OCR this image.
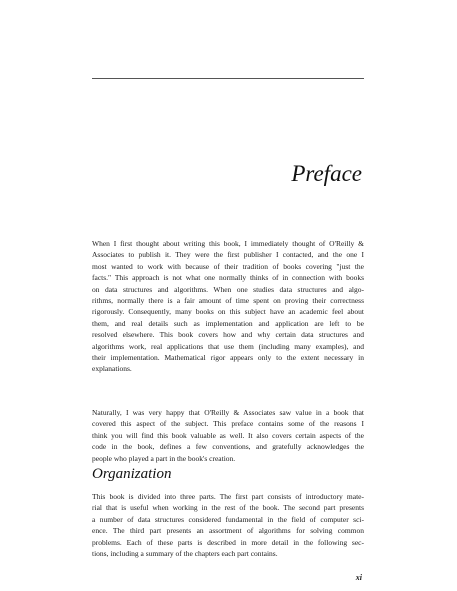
Preface

When I first thought about writing this book, I immediately thought of O'Reilly &
Associates to publish it. They were the first publisher I contacted, and the one I
most wanted to work with because of their tradition of books covering "just the
facts." This approach is not what one normally thinks of in connection with books
on data structures and algorithms. When one studies data structures and algo-
rithms, normally there is a fair amount of time spent on proving their correctness
rigorously. Consequently, many books on this subject have an academic feel about
them, and real details such as implementation and application are left to be
resolved elsewhere. This book covers how and why certain data structures and
algorithms work, real applications that use them (including many examples), and
their implementation. Mathematical rigor appears only to the extent necessary in
explanations.

Naturally, I was very happy that O'Reilly & Associates saw value in a book that
covered this aspect of the subject. This preface contains some of the reasons I
think you will find this book valuable as well. It also covers certain aspects of the
code in the book, defines a few conventions, and gratefully acknowledges the
people who played a part in the book's creation.

Organization

This book is divided into three parts. The first part consists of introductory mate-
rial that is useful when working in the rest of the book. The second part presents
a number of data structures considered fundamental in the field of computer sci-
ence. The third part presents an assortment of algorithms for solving common
problems. Each of these parts is described in more detail in the following sec-
tions, including a summary of the chapters each part contains.

xi
